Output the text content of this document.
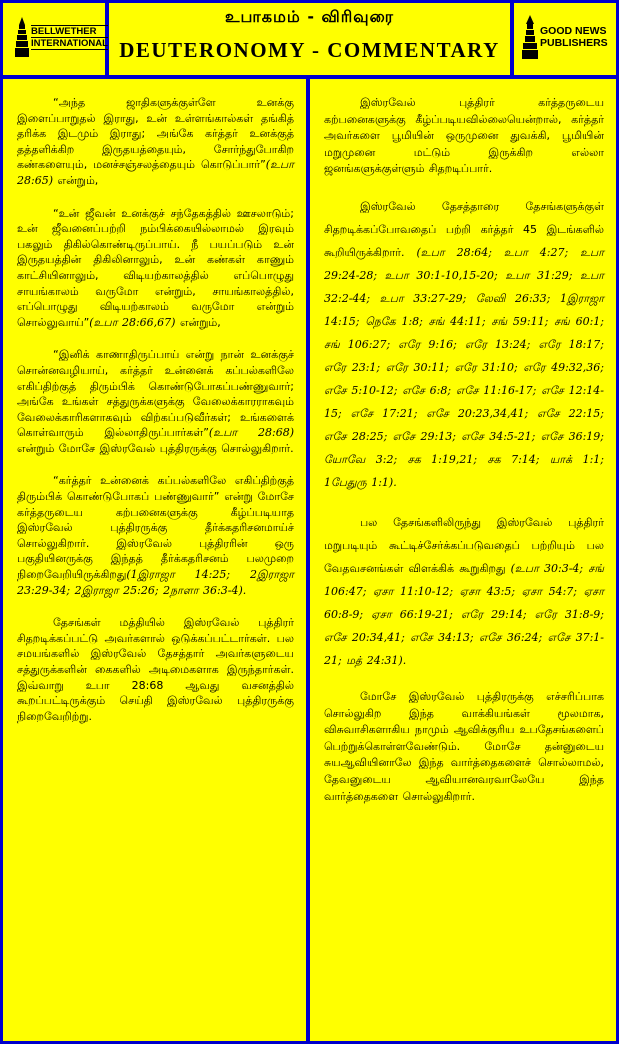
BELLWETHER
INTERNATIONAL
உபாகமம் - விரிவுரை
DEUTERONOMY - COMMENTARY
GOOD NEWS
PUBLISHERS

“அந்த ஜாதிகளுக்குள்ளே உனக்கு இளைப்பாறுதல் இராது, உன் உள்ளங்கால்கள் தங்கித் தரிக்க இடமும் இராது; அங்கே கர்த்தர் உனக்குத் தத்தளிக்கிற இருதயத்தையும், சோர்ந்துபோகிற கண்களையும், மனச்சஞ்சலத்தையும் கொடுப்பார்”(உபா 28:65) என்றும்,

“உன் ஜீவன் உனக்குச் சந்தேகத்தில் ஊசலாடும்; உன் ஜீவனைப்பற்றி நம்பிக்கையில்லாமல் இரவும் பகலும் திகில்கொண்டிருப்பாய். நீ பயப்படும் உன் இருதயத்தின் திகிலினாலும், உன் கண்கள் காணும் காட்சியினாலும், விடியற்காலத்தில் எப்பொழுது சாயங்காலம் வருமோ என்றும், சாயங்காலத்தில், எப்பொழுது விடியற்காலம் வருமோ என்றும் சொல்லுவாய்”(உபா 28:66,67) என்றும்,

“இனிக் காணாதிருப்பாய் என்று நான் உனக்குச் சொன்னவழியாய், கர்த்தர் உன்னைக் கப்பல்களிலே எகிப்திற்குத் திரும்பிக் கொண்டுபோகப்பண்ணுவார்; அங்கே உங்கள் சத்துருக்களுக்கு வேலைக்காரராகவும் வேலைக்காரிகளாகவும் விற்கப்படுவீர்கள்; உங்களைக் கொள்வாரும் இல்லாதிருப்பார்கள்”(உபா 28:68) என்றும் மோசே இஸ்ரவேல் புத்திரருக்கு சொல்லுகிறார்.

“கர்த்தர் உன்னைக் கப்பல்களிலே எகிப்திற்குத் திரும்பிக் கொண்டுபோகப் பண்ணுவார்” என்று மோசே கர்த்தருடைய கற்பனைகளுக்கு கீழ்ப்படியாத இஸ்ரவேல் புத்திரருக்கு தீர்க்கதரிசனமாய்ச் சொல்லுகிறார். இஸ்ரவேல் புத்திரரின் ஒரு பகுதியினருக்கு இந்தத் தீர்க்கதரிசனம் பலமுறை நிறைவேறியிருக்கிறது(1இராஜா 14:25; 2இராஜா 23:29-34; 2இராஜா 25:26; 2நாளா 36:3-4).

தேசங்கள் மத்தியில் இஸ்ரவேல் புத்திரர் சிதறடிக்கப்பட்டு அவர்களால் ஒடுக்கப்பட்டார்கள். பல சமயங்களில் இஸ்ரவேல் தேசத்தார் அவர்களுடைய சத்துருக்களின் கைகளில் அடிமைகளாக இருந்தார்கள். இவ்வாறு உபா 28:68 ஆவது வசனத்தில் கூறப்பட்டிருக்கும் செய்தி இஸ்ரவேல் புத்திரருக்கு நிறைவேறிற்று.

இஸ்ரவேல் புத்திரர் கர்த்தருடைய கற்பனைகளுக்கு கீழ்ப்படியவில்லையென்றால், கர்த்தர் அவர்களை பூமியின் ஒருமுனை துவக்கி, பூமியின் மறுமுனை மட்டும் இருக்கிற எல்லா ஜனங்களுக்குள்ளும் சிதறடிப்பார்.

இஸ்ரவேல் தேசத்தாரை தேசங்களுக்குள் சிதறடிக்கப்போவதைப் பற்றி கர்த்தர் 45 இடங்களில் கூறியிருக்கிறார். (உபா 28:64; உபா 4:27; உபா 29:24-28; உபா 30:1-10,15-20; உபா 31:29; உபா 32:2-44; உபா 33:27-29; லேவி 26:33; 1இராஜா 14:15; நெகே 1:8; சங் 44:11; சங் 59:11; சங் 60:1; சங் 106:27; எரே 9:16; எரே 13:24; எரே 18:17; எரே 23:1; எரே 30:11; எரே 31:10; எரே 49:32,36; எசே 5:10-12; எசே 6:8; எசே 11:16-17; எசே 12:14-15; எசே 17:21; எசே 20:23,34,41; எசே 22:15; எசே 28:25; எசே 29:13; எசே 34:5-21; எசே 36:19; யோவே 3:2; சக 1:19,21; சக 7:14; யாக் 1:1; 1பேதுரு 1:1).

பல தேசங்களிலிருந்து இஸ்ரவேல் புத்திரர் மறுபடியும் கூட்டிச்சேர்க்கப்படுவதைப் பற்றியும் பல வேதவசனங்கள் விளக்கிக் கூறுகிறது (உபா 30:3-4; சங் 106:47; ஏசா 11:10-12; ஏசா 43:5; ஏசா 54:7; ஏசா 60:8-9; ஏசா 66:19-21; எரே 29:14; எரே 31:8-9; எசே 20:34,41; எசே 34:13; எசே 36:24; எசே 37:1-21; மத் 24:31).

மோசே இஸ்ரவேல் புத்திரருக்கு எச்சரிப்பாக சொல்லுகிற இந்த வாக்கியங்கள் மூலமாக, விசுவாசிகளாகிய நாமும் ஆவிக்குரிய உபதேசங்களைப் பெற்றுக்கொள்ளவேண்டும். மோசே தன்னுடைய சுயஆவியினாலே இந்த வார்த்தைகளைச் சொல்லாமல், தேவனுடைய ஆவியானவரவாலேயே இந்த வார்த்தைகளை சொல்லுகிறார்.
